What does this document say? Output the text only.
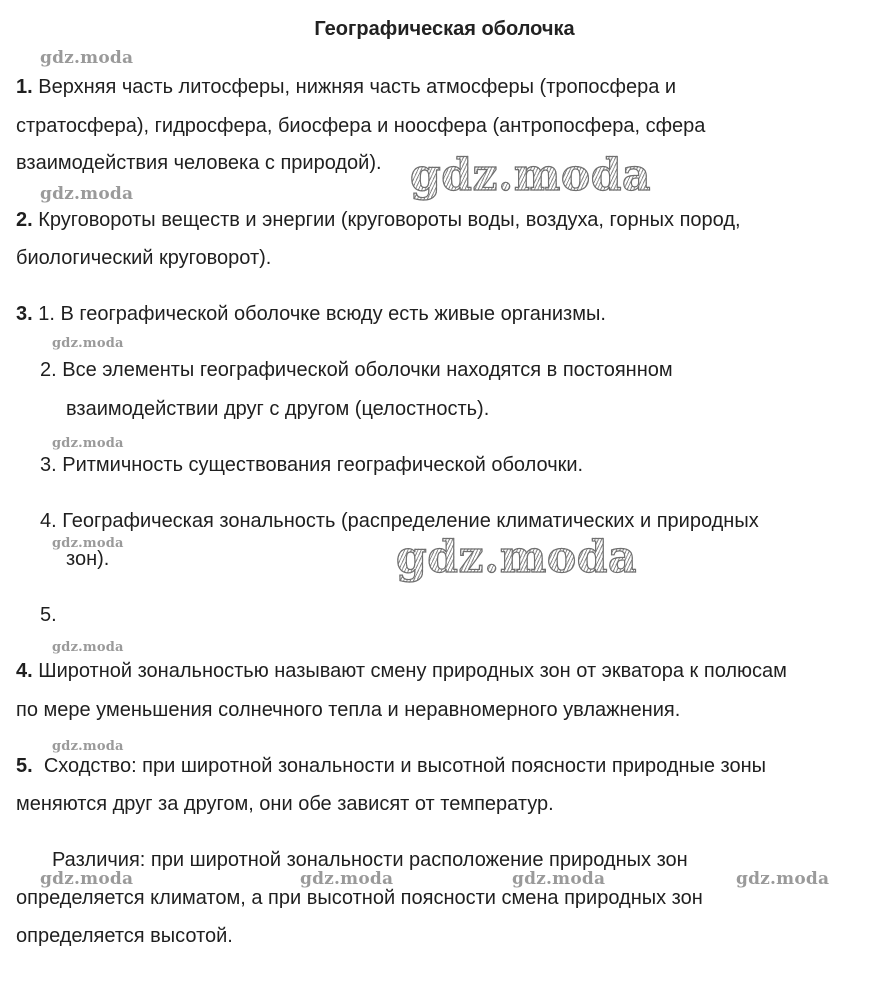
Географическая оболочка
1. Верхняя часть литосферы, нижняя часть атмосферы (тропосфера и
стратосфера), гидросфера, биосфера и ноосфера (антропосфера, сфера
взаимодействия человека с природой).
2. Круговороты веществ и энергии (круговороты воды, воздуха, горных пород,
биологический круговорот).
3. 1. В географической оболочке всюду есть живые организмы.
2. Все элементы географической оболочки находятся в постоянном
взаимодействии друг с другом (целостность).
3. Ритмичность существования географической оболочки.
4. Географическая зональность (распределение климатических и природных
зон).
5.
4. Широтной зональностью называют смену природных зон от экватора к полюсам
по мере уменьшения солнечного тепла и неравномерного увлажнения.
5. Сходство: при широтной зональности и высотной поясности природные зоны
меняются друг за другом, они обе зависят от температур.
Различия: при широтной зональности расположение природных зон
определяется климатом, а при высотной поясности смена природных зон
определяется высотой.
gdz.moda
gdz.moda
gdz.moda
gdz.moda
gdz.moda
gdz.moda
gdz.moda
gdz.moda	gdz.moda	gdz.moda	gdz.moda
gdz.moda
gdz.moda
